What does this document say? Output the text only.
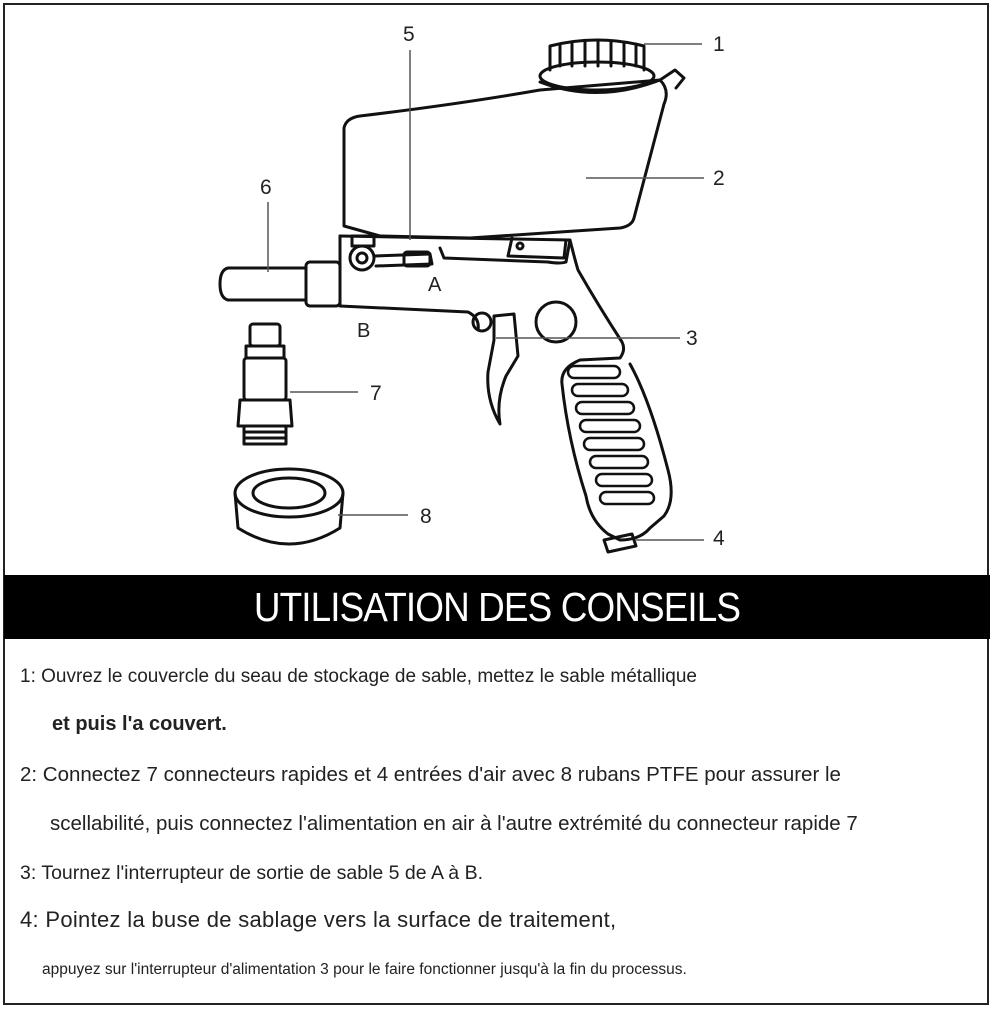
1
2
3
4
5
6
7
8
A
B
UTILISATION DES CONSEILS
1: Ouvrez le couvercle du seau de stockage de sable, mettez le sable métallique
et puis l'a couvert.
2: Connectez 7 connecteurs rapides et 4 entrées d'air avec 8 rubans PTFE pour assurer le
scellabilité, puis connectez l'alimentation en air à l'autre extrémité du connecteur rapide 7
3: Tournez l'interrupteur de sortie de sable 5 de A à B.
4: Pointez la buse de sablage vers la surface de traitement,
appuyez sur l'interrupteur d'alimentation 3 pour le faire fonctionner jusqu'à la fin du processus.
